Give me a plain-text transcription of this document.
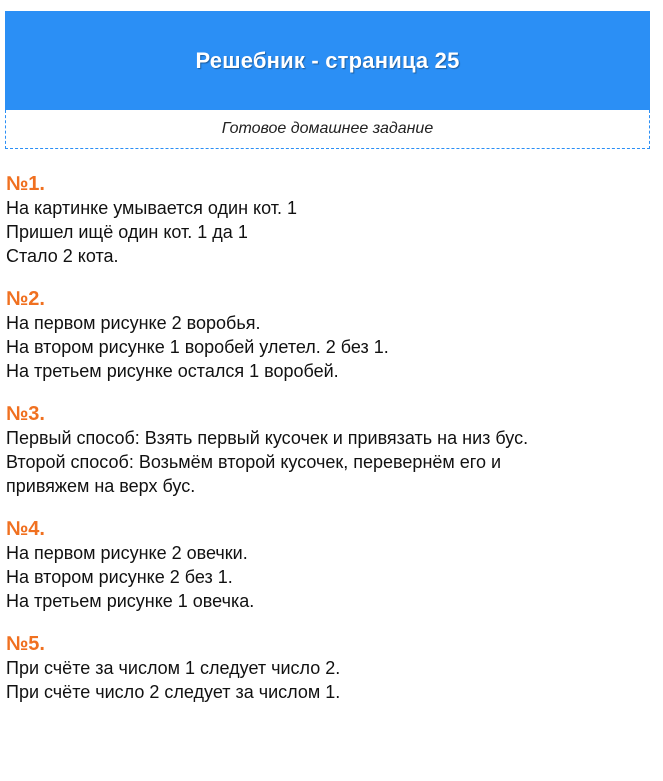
Решебник - страница 25
Готовое домашнее задание
№1.
На картинке умывается один кот. 1
Пришел ищё один кот. 1 да 1
Стало 2 кота.
№2.
На первом рисунке 2 воробья.
На втором рисунке 1 воробей улетел. 2 без 1.
На третьем рисунке остался 1 воробей.
№3.
Первый способ: Взять первый кусочек и привязать на низ бус.
Второй способ: Возьмём второй кусочек, перевернём его и
привяжем на верх бус.
№4.
На первом рисунке 2 овечки.
На втором рисунке 2 без 1.
На третьем рисунке 1 овечка.
№5.
При счёте за числом 1 следует число 2.
При счёте число 2 следует за числом 1.
